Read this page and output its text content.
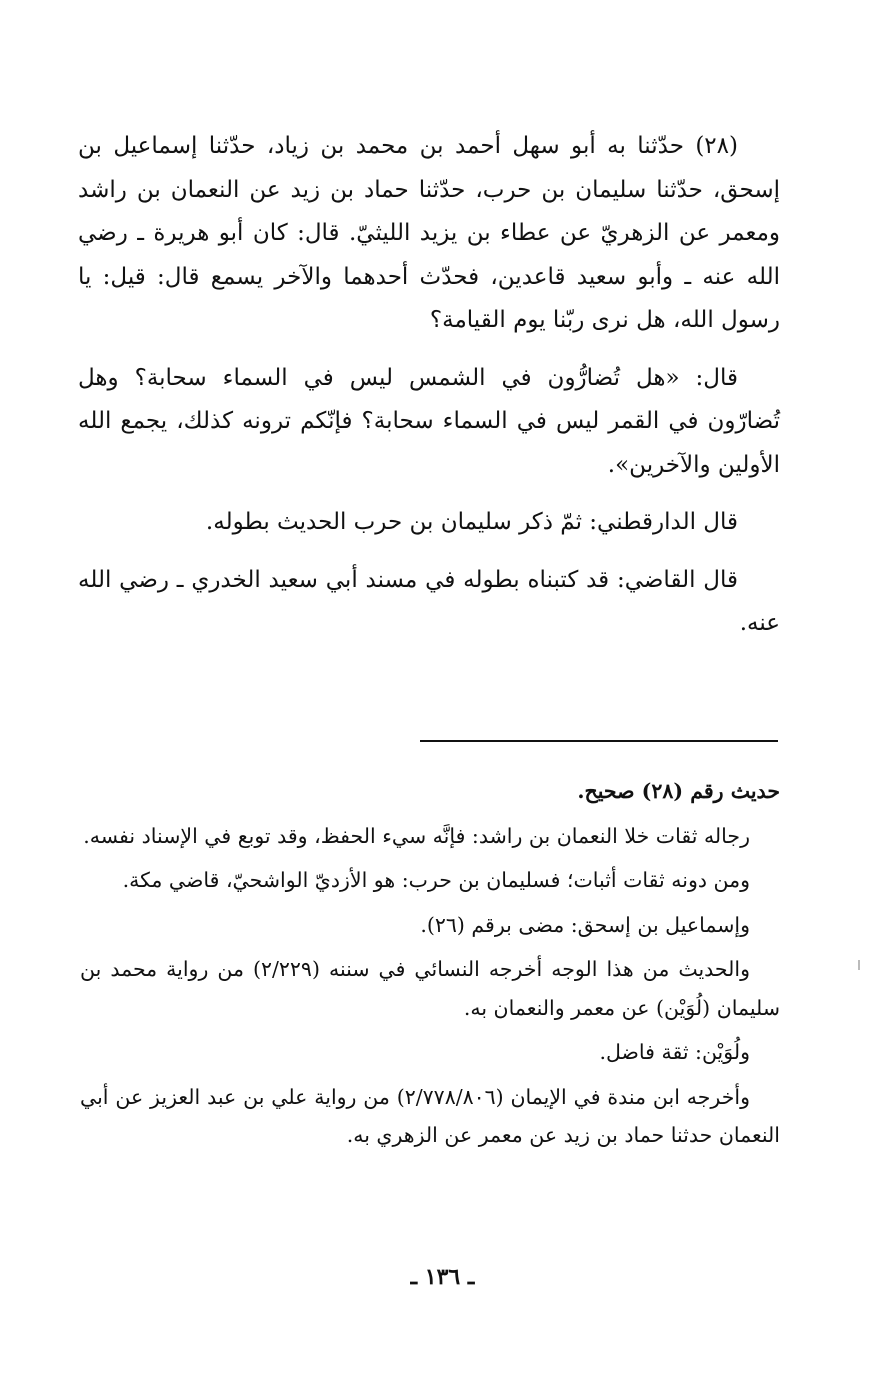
(٢٨) حدّثنا به أبو سهل أحمد بن محمد بن زياد، حدّثنا إسماعيل بن إسحق، حدّثنا سليمان بن حرب، حدّثنا حماد بن زيد عن النعمان بن راشد ومعمر عن الزهريّ عن عطاء بن يزيد الليثيّ. قال: كان أبو هريرة ـ رضي الله عنه ـ وأبو سعيد قاعدين، فحدّث أحدهما والآخر يسمع قال: قيل: يا رسول الله، هل نرى ربّنا يوم القيامة؟

قال: «هل تُضارُّون في الشمس ليس في السماء سحابة؟ وهل تُضارّون في القمر ليس في السماء سحابة؟ فإنّكم ترونه كذلك، يجمع الله الأولين والآخرين».

قال الدارقطني: ثمّ ذكر سليمان بن حرب الحديث بطوله.

قال القاضي: قد كتبناه بطوله في مسند أبي سعيد الخدري ـ رضي الله عنه.

حديث رقم (٢٨) صحيح.

رجاله ثقات خلا النعمان بن راشد: فإنَّه سيء الحفظ، وقد توبع في الإسناد نفسه.

ومن دونه ثقات أثبات؛ فسليمان بن حرب: هو الأزديّ الواشحيّ، قاضي مكة.

وإسماعيل بن إسحق: مضى برقم (٢٦).

والحديث من هذا الوجه أخرجه النسائي في سننه (٢/٢٢٩) من رواية محمد بن سليمان (لُوَيْن) عن معمر والنعمان به.

ولُوَيْن: ثقة فاضل.

وأخرجه ابن مندة في الإيمان (٢/٧٧٨/٨٠٦) من رواية علي بن عبد العزيز عن أبي النعمان حدثنا حماد بن زيد عن معمر عن الزهري به.

ـ ١٣٦ ـ
